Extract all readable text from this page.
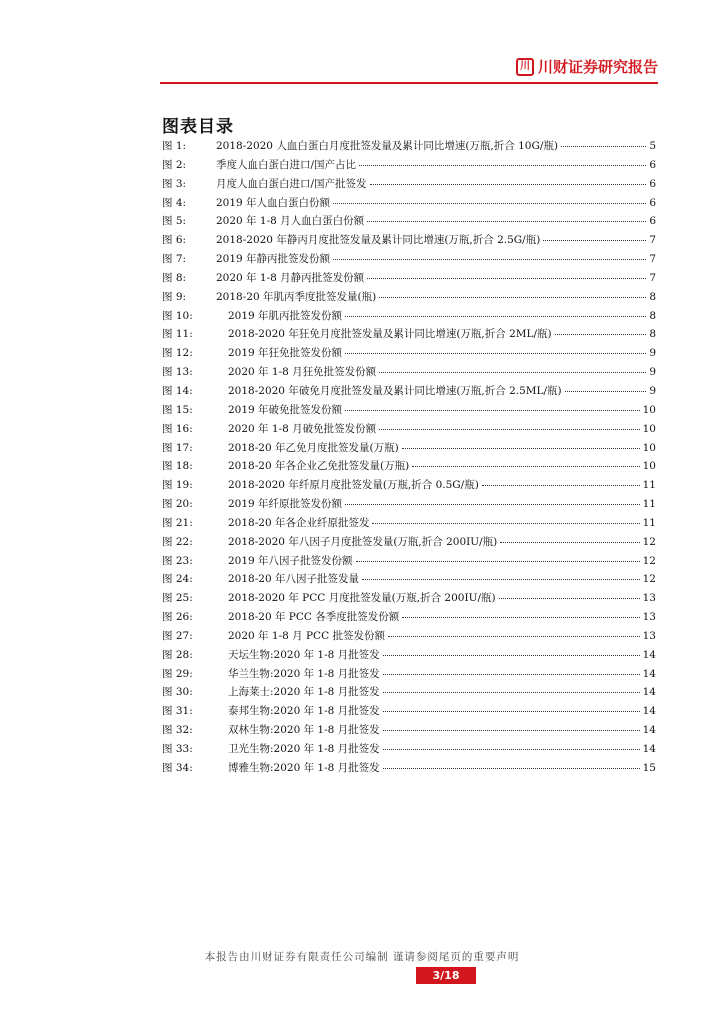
川 川财证券研究报告
图表目录
图 1:	2018-2020 人血白蛋白月度批签发量及累计同比增速(万瓶,折合 10G/瓶)	5
图 2:	季度人血白蛋白进口/国产占比	6
图 3:	月度人血白蛋白进口/国产批签发	6
图 4:	2019 年人血白蛋白份额	6
图 5:	2020 年 1-8 月人血白蛋白份额	6
图 6:	2018-2020 年静丙月度批签发量及累计同比增速(万瓶,折合 2.5G/瓶)	7
图 7:	2019 年静丙批签发份额	7
图 8:	2020 年 1-8 月静丙批签发份额	7
图 9:	2018-20 年肌丙季度批签发量(瓶)	8
图 10:	2019 年肌丙批签发份额	8
图 11:	2018-2020 年狂免月度批签发量及累计同比增速(万瓶,折合 2ML/瓶)	8
图 12:	2019 年狂免批签发份额	9
图 13:	2020 年 1-8 月狂免批签发份额	9
图 14:	2018-2020 年破免月度批签发量及累计同比增速(万瓶,折合 2.5ML/瓶)	9
图 15:	2019 年破免批签发份额	10
图 16:	2020 年 1-8 月破免批签发份额	10
图 17:	2018-20 年乙免月度批签发量(万瓶)	10
图 18:	2018-20 年各企业乙免批签发量(万瓶)	10
图 19:	2018-2020 年纤原月度批签发量(万瓶,折合 0.5G/瓶)	11
图 20:	2019 年纤原批签发份额	11
图 21:	2018-20 年各企业纤原批签发	11
图 22:	2018-2020 年八因子月度批签发量(万瓶,折合 200IU/瓶)	12
图 23:	2019 年八因子批签发份额	12
图 24:	2018-20 年八因子批签发量	12
图 25:	2018-2020 年 PCC 月度批签发量(万瓶,折合 200IU/瓶)	13
图 26:	2018-20 年 PCC 各季度批签发份额	13
图 27:	2020 年 1-8 月 PCC 批签发份额	13
图 28:	天坛生物:2020 年 1-8 月批签发	14
图 29:	华兰生物:2020 年 1-8 月批签发	14
图 30:	上海莱士:2020 年 1-8 月批签发	14
图 31:	泰邦生物:2020 年 1-8 月批签发	14
图 32:	双林生物:2020 年 1-8 月批签发	14
图 33:	卫光生物:2020 年 1-8 月批签发	14
图 34:	博雅生物:2020 年 1-8 月批签发	15
本报告由川财证券有限责任公司编制 谨请参阅尾页的重要声明
3/18
